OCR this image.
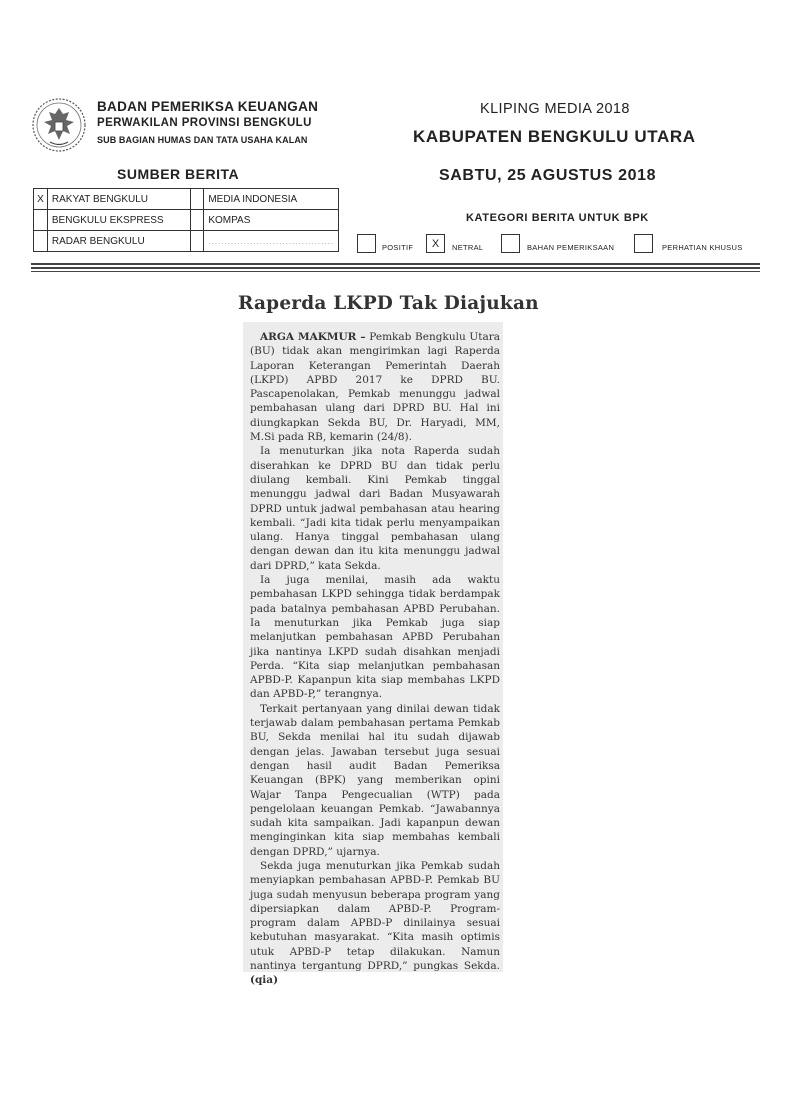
BADAN PEMERIKSA KEUANGAN
PERWAKILAN PROVINSI BENGKULU
SUB BAGIAN HUMAS DAN TATA USAHA KALAN
KLIPING MEDIA 2018
KABUPATEN BENGKULU UTARA
SABTU, 25 AGUSTUS 2018
SUMBER BERITA
X	RAKYAT BENGKULU		MEDIA INDONESIA
	BENGKULU EKSPRESS		KOMPAS
	RADAR BENGKULU		.......................................
KATEGORI BERITA UNTUK BPK
POSITIF	X	NETRAL	BAHAN PEMERIKSAAN	PERHATIAN KHUSUS
Raperda LKPD Tak Diajukan

ARGA MAKMUR – Pemkab Bengkulu Utara (BU) tidak akan mengirimkan lagi Raperda Laporan Keterangan Pemerintah Daerah (LKPD) APBD 2017 ke DPRD BU. Pascapenolakan, Pemkab menunggu jadwal pembahasan ulang dari DPRD BU. Hal ini diungkapkan Sekda BU, Dr. Haryadi, MM, M.Si pada RB, kemarin (24/8).

Ia menuturkan jika nota Raperda sudah diserahkan ke DPRD BU dan tidak perlu diulang kembali. Kini Pemkab tinggal menunggu jadwal dari Badan Musyawarah DPRD untuk jadwal pembahasan atau hearing kembali. “Jadi kita tidak perlu menyampaikan ulang. Hanya tinggal pembahasan ulang dengan dewan dan itu kita menunggu jadwal dari DPRD,” kata Sekda.

Ia juga menilai, masih ada waktu pembahasan LKPD sehingga tidak berdampak pada batalnya pembahasan APBD Perubahan. Ia menuturkan jika Pemkab juga siap melanjutkan pembahasan APBD Perubahan jika nantinya LKPD sudah disahkan menjadi Perda. “Kita siap melanjutkan pembahasan APBD-P. Kapanpun kita siap membahas LKPD dan APBD-P,” terangnya.

Terkait pertanyaan yang dinilai dewan tidak terjawab dalam pembahasan pertama Pemkab BU, Sekda menilai hal itu sudah dijawab dengan jelas. Jawaban tersebut juga sesuai dengan hasil audit Badan Pemeriksa Keuangan (BPK) yang memberikan opini Wajar Tanpa Pengecualian (WTP) pada pengelolaan keuangan Pemkab. “Jawabannya sudah kita sampaikan. Jadi kapanpun dewan menginginkan kita siap membahas kembali dengan DPRD,” ujarnya.

Sekda juga menuturkan jika Pemkab sudah menyiapkan pembahasan APBD-P. Pemkab BU juga sudah menyusun beberapa program yang dipersiapkan dalam APBD-P. Program-program dalam APBD-P dinilainya sesuai kebutuhan masyarakat. “Kita masih optimis utuk APBD-P tetap dilakukan. Namun nantinya tergantung DPRD,” pungkas Sekda. (qia)
